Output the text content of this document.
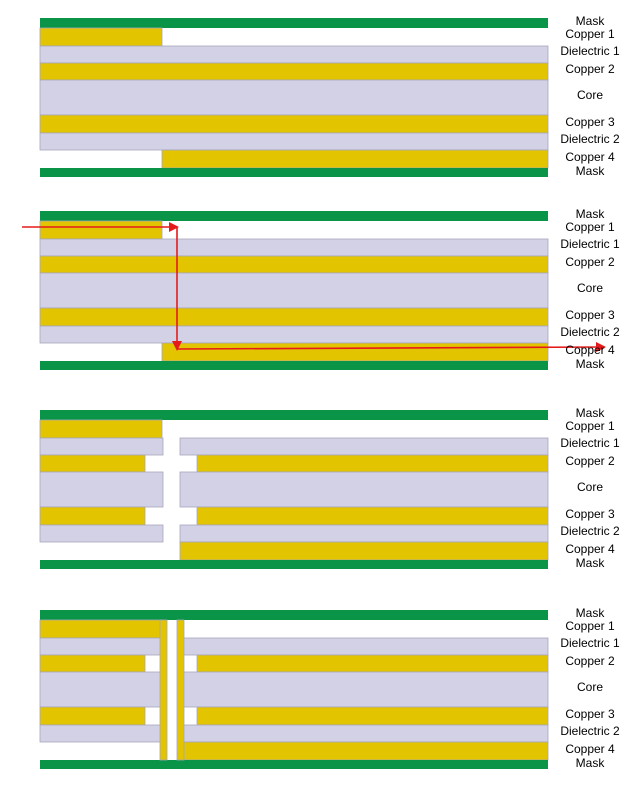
Mask
Copper 1
Dielectric 1
Copper 2
Core
Copper 3
Dielectric 2
Copper 4
Mask
Mask
Copper 1
Dielectric 1
Copper 2
Core
Copper 3
Dielectric 2
Copper 4
Mask
Mask
Copper 1
Dielectric 1
Copper 2
Core
Copper 3
Dielectric 2
Copper 4
Mask
Mask
Copper 1
Dielectric 1
Copper 2
Core
Copper 3
Dielectric 2
Copper 4
Mask
